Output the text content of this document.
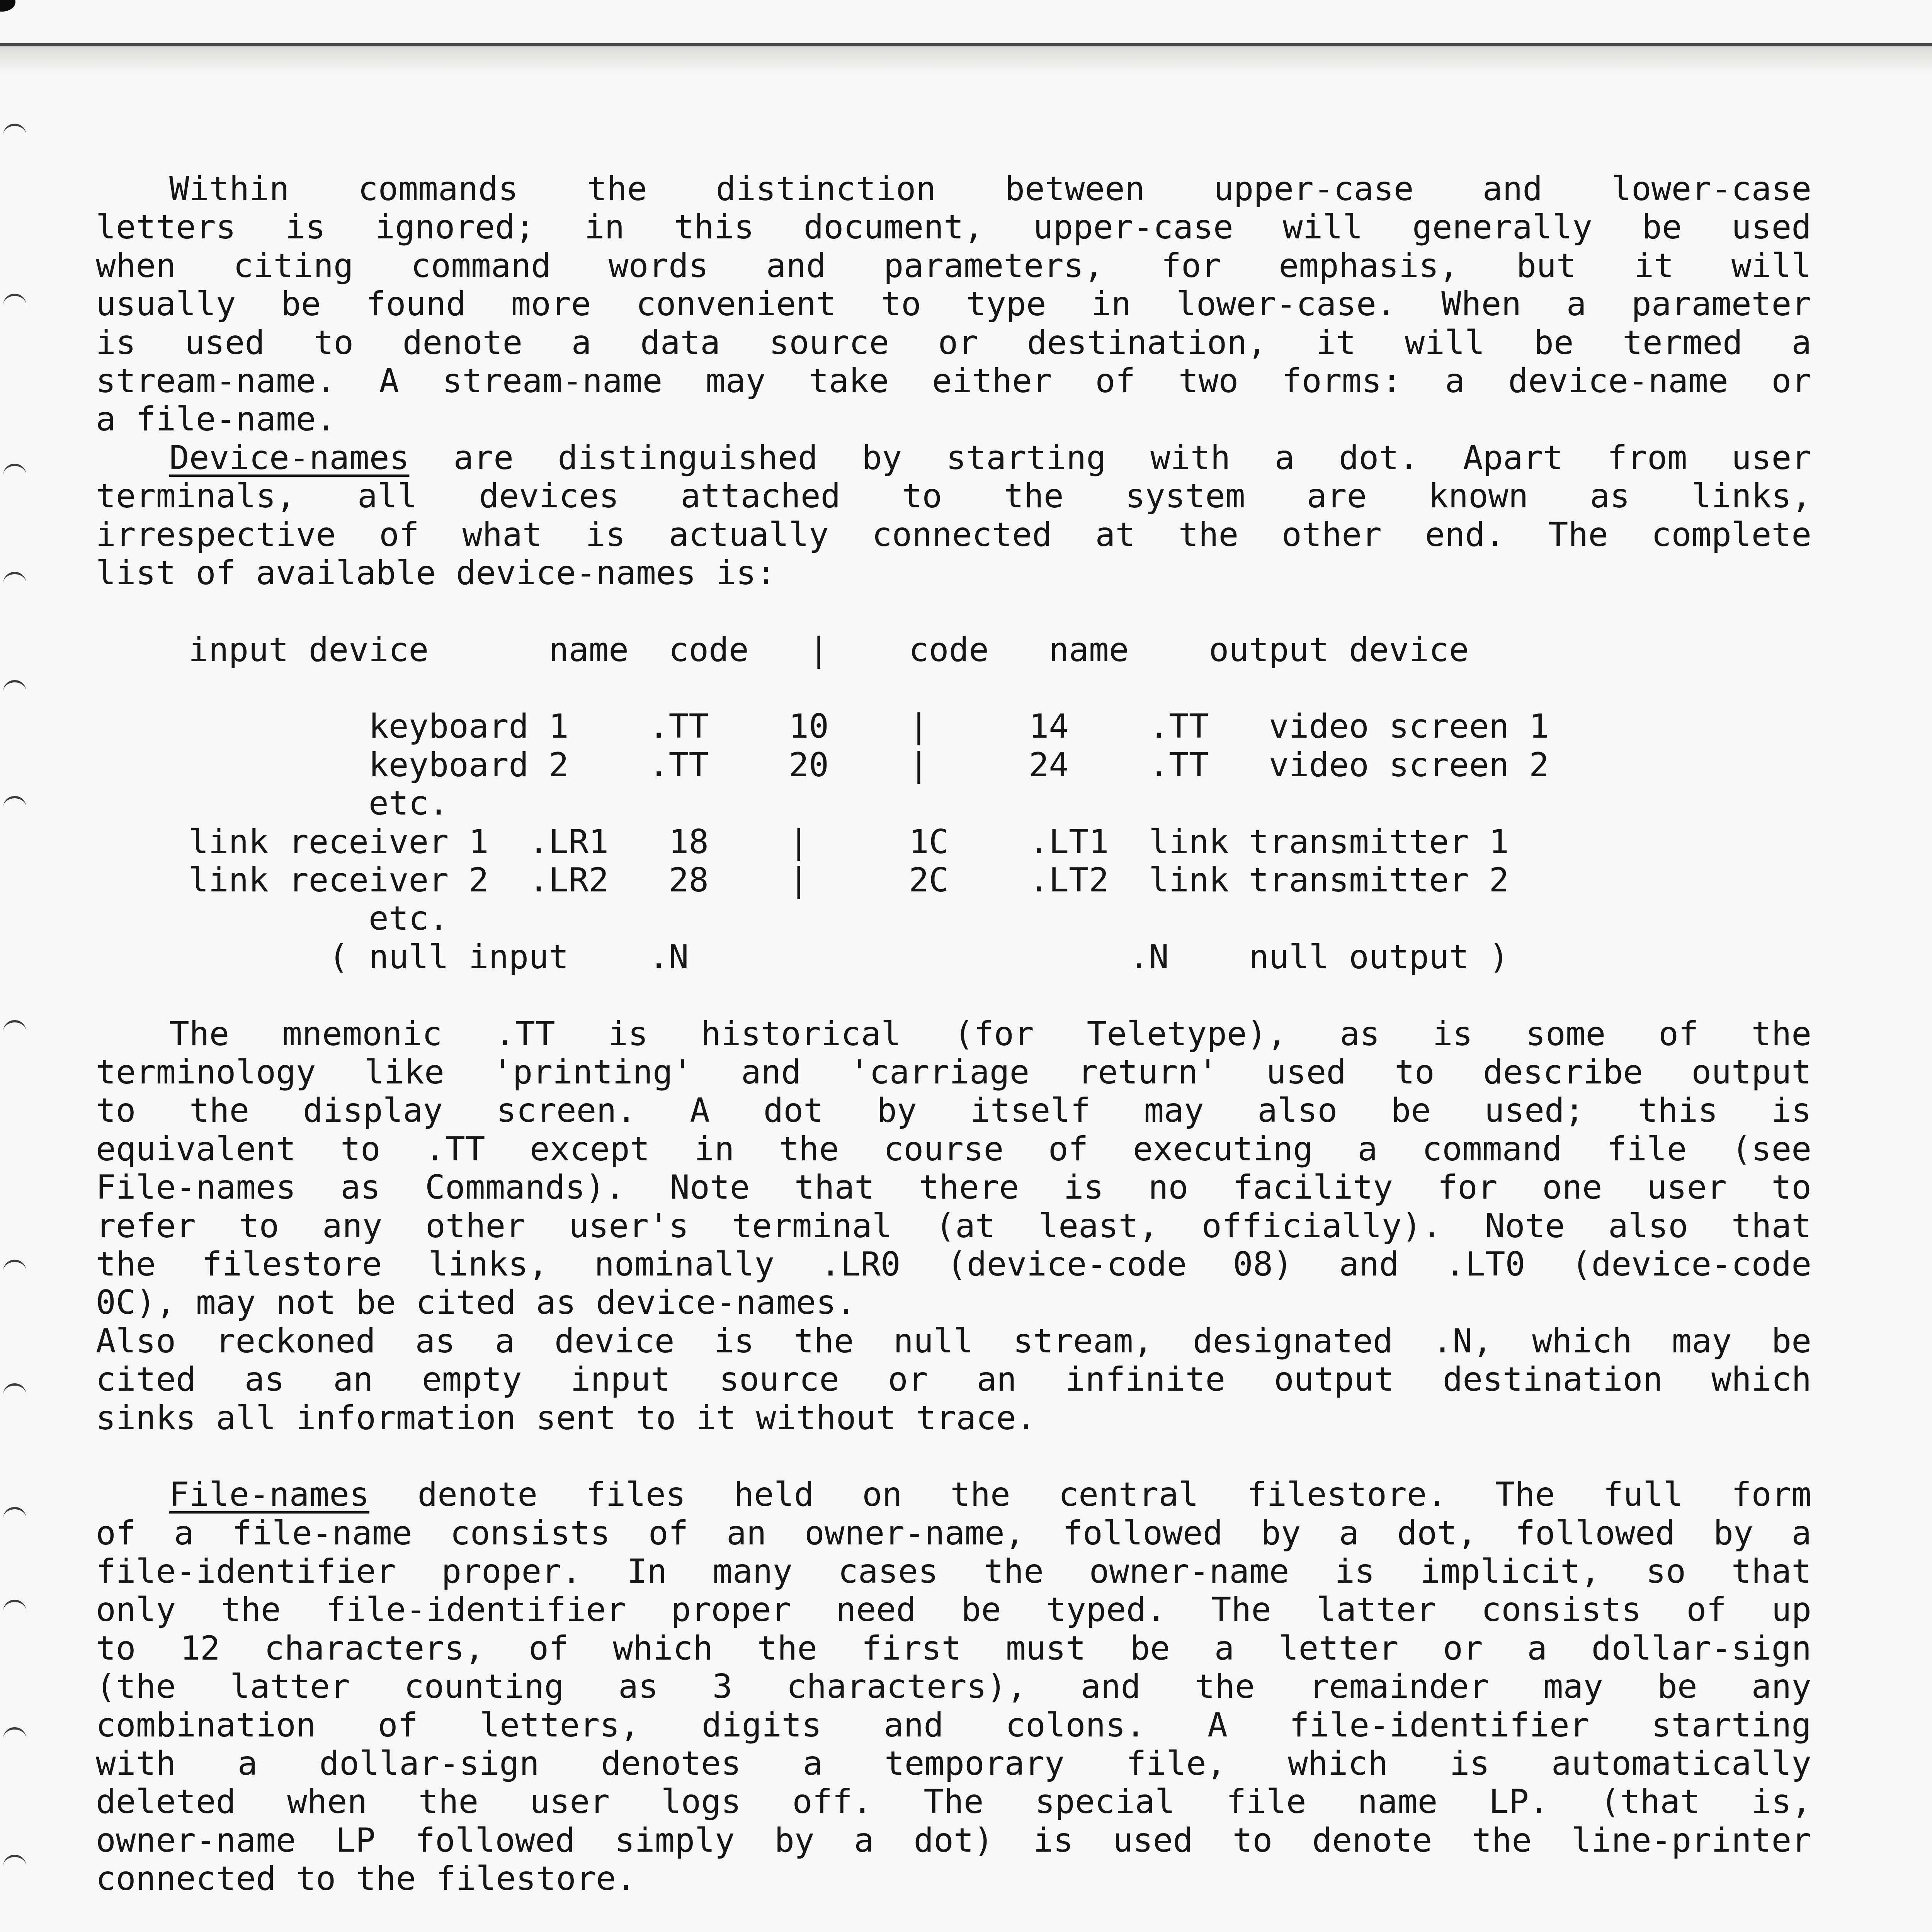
Within commands the distinction between upper-case and lower-case
letters is ignored; in this document, upper-case will generally be used
when citing command words and parameters, for emphasis, but it will
usually be found more convenient to type in lower-case. When a parameter
is used to denote a data source or destination, it will be termed a
stream-name. A stream-name may take either of two forms: a device-name or
a file-name.
Device-names are distinguished by starting with a dot. Apart from user
terminals, all devices attached to the system are known as links,
irrespective of what is actually connected at the other end. The complete
list of available device-names is:
input device      name  code   |    code   name    output device
keyboard 1    .TT    10    |     14    .TT   video screen 1
keyboard 2    .TT    20    |     24    .TT   video screen 2
etc.
link receiver 1  .LR1   18    |     1C    .LT1  link transmitter 1
link receiver 2  .LR2   28    |     2C    .LT2  link transmitter 2
etc.
( null input    .N                      .N    null output )
The mnemonic .TT is historical (for Teletype), as is some of the
terminology like 'printing' and 'carriage return' used to describe output
to the display screen. A dot by itself may also be used; this is
equivalent to .TT except in the course of executing a command file (see
File-names as Commands). Note that there is no facility for one user to
refer to any other user's terminal (at least, officially). Note also that
the filestore links, nominally .LR0 (device-code 08) and .LT0 (device-code
0C), may not be cited as device-names.
Also reckoned as a device is the null stream, designated .N, which may be
cited as an empty input source or an infinite output destination which
sinks all information sent to it without trace.
File-names denote files held on the central filestore. The full form
of a file-name consists of an owner-name, followed by a dot, followed by a
file-identifier proper. In many cases the owner-name is implicit, so that
only the file-identifier proper need be typed. The latter consists of up
to 12 characters, of which the first must be a letter or a dollar-sign
(the latter counting as 3 characters), and the remainder may be any
combination of letters, digits and colons. A file-identifier starting
with a dollar-sign denotes a temporary file, which is automatically
deleted when the user logs off. The special file name LP. (that is,
owner-name LP followed simply by a dot) is used to denote the line-printer
connected to the filestore.
